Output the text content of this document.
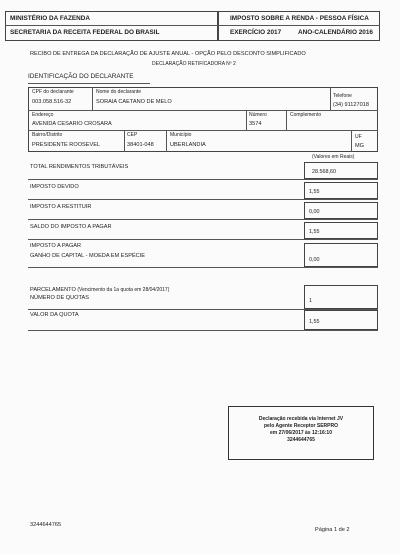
MINISTÉRIO DA FAZENDA
SECRETARIA DA RECEITA FEDERAL DO BRASIL
IMPOSTO SOBRE A RENDA - PESSOA FÍSICA
EXERCÍCIO 2017	ANO-CALENDÁRIO 2016
RECIBO DE ENTREGA DA DECLARAÇÃO DE AJUSTE ANUAL - OPÇÃO PELO DESCONTO SIMPLIFICADO
DECLARAÇÃO RETIFICADORA Nº 2
IDENTIFICAÇÃO DO DECLARANTE
CPF do declarante
003.058.516-32
Nome do declarante
SORAIA CAETANO DE MELO
Telefone
(34) 91127018
Endereço
AVENIDA CESARIO CROSARA
Número
3574
Complemento
Bairro/Distrito
PRESIDENTE ROOSEVEL
CEP
38401-048
Município
UBERLANDIA
UF
MG
(Valores em Reais)
TOTAL RENDIMENTOS TRIBUTÁVEIS
28.568,60
IMPOSTO DEVIDO
1,55
IMPOSTO A RESTITUIR
0,00
SALDO DO IMPOSTO A PAGAR
1,55
IMPOSTO A PAGAR
GANHO DE CAPITAL - MOEDA EM ESPÉCIE
0,00
PARCELAMENTO (Vencimento da 1a quota em 28/04/2017)
NÚMERO DE QUOTAS	1
VALOR DA QUOTA
1,55
Declaração recebida via Internet JV
pelo Agente Receptor SERPRO
em 27/06/2017 às 12:16:10
3244644765
3244644765
Página 1 de 2
